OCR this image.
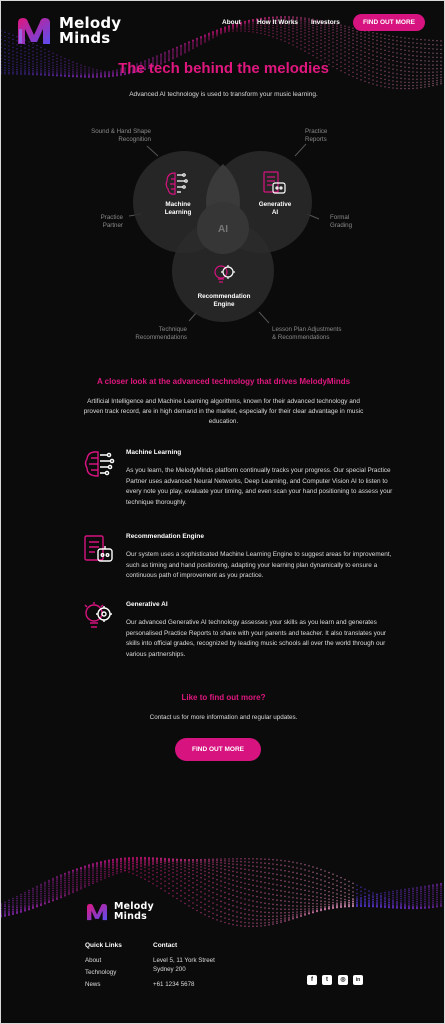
Melody
Minds
About How It Works Investors	FIND OUT MORE
The tech behind the melodies
Advanced AI technology is used to transform your music learning.
AI
Machine
Learning
Generative
AI
Recommendation
Engine
Sound & Hand Shape
Recognition
Practice
Reports
Practice
Partner
Formal
Grading
Technique
Recommendations
Lesson Plan Adjustments
& Recommendations
A closer look at the advanced technology that drives MelodyMinds
Artificial Intelligence and Machine Learning algorithms, known for their advanced technology and proven track record, are in high demand in the market, especially for their clear advantage in music education.
Machine Learning
As you learn, the MelodyMinds platform continually tracks your progress. Our special Practice Partner uses advanced Neural Networks, Deep Learning, and Computer Vision AI to listen to every note you play, evaluate your timing, and even scan your hand positioning to assess your technique thoroughly.
Recommendation Engine
Our system uses a sophisticated Machine Learning Engine to suggest areas for improvement, such as timing and hand positioning, adapting your learning plan dynamically to ensure a continuous path of improvement as you practice.
Generative AI
Our advanced Generative AI technology assesses your skills as you learn and generates personalised Practice Reports to share with your parents and teacher. It also translates your skills into official grades, recognized by leading music schools all over the world through our various partnerships.
Like to find out more?
Contact us for more information and regular updates.
FIND OUT MORE
Melody
Minds
Quick Links
About
Technology
News
Contact
Level 5, 11 York Street
Sydney 200
+61 1234 5678
f	t	◎	in
